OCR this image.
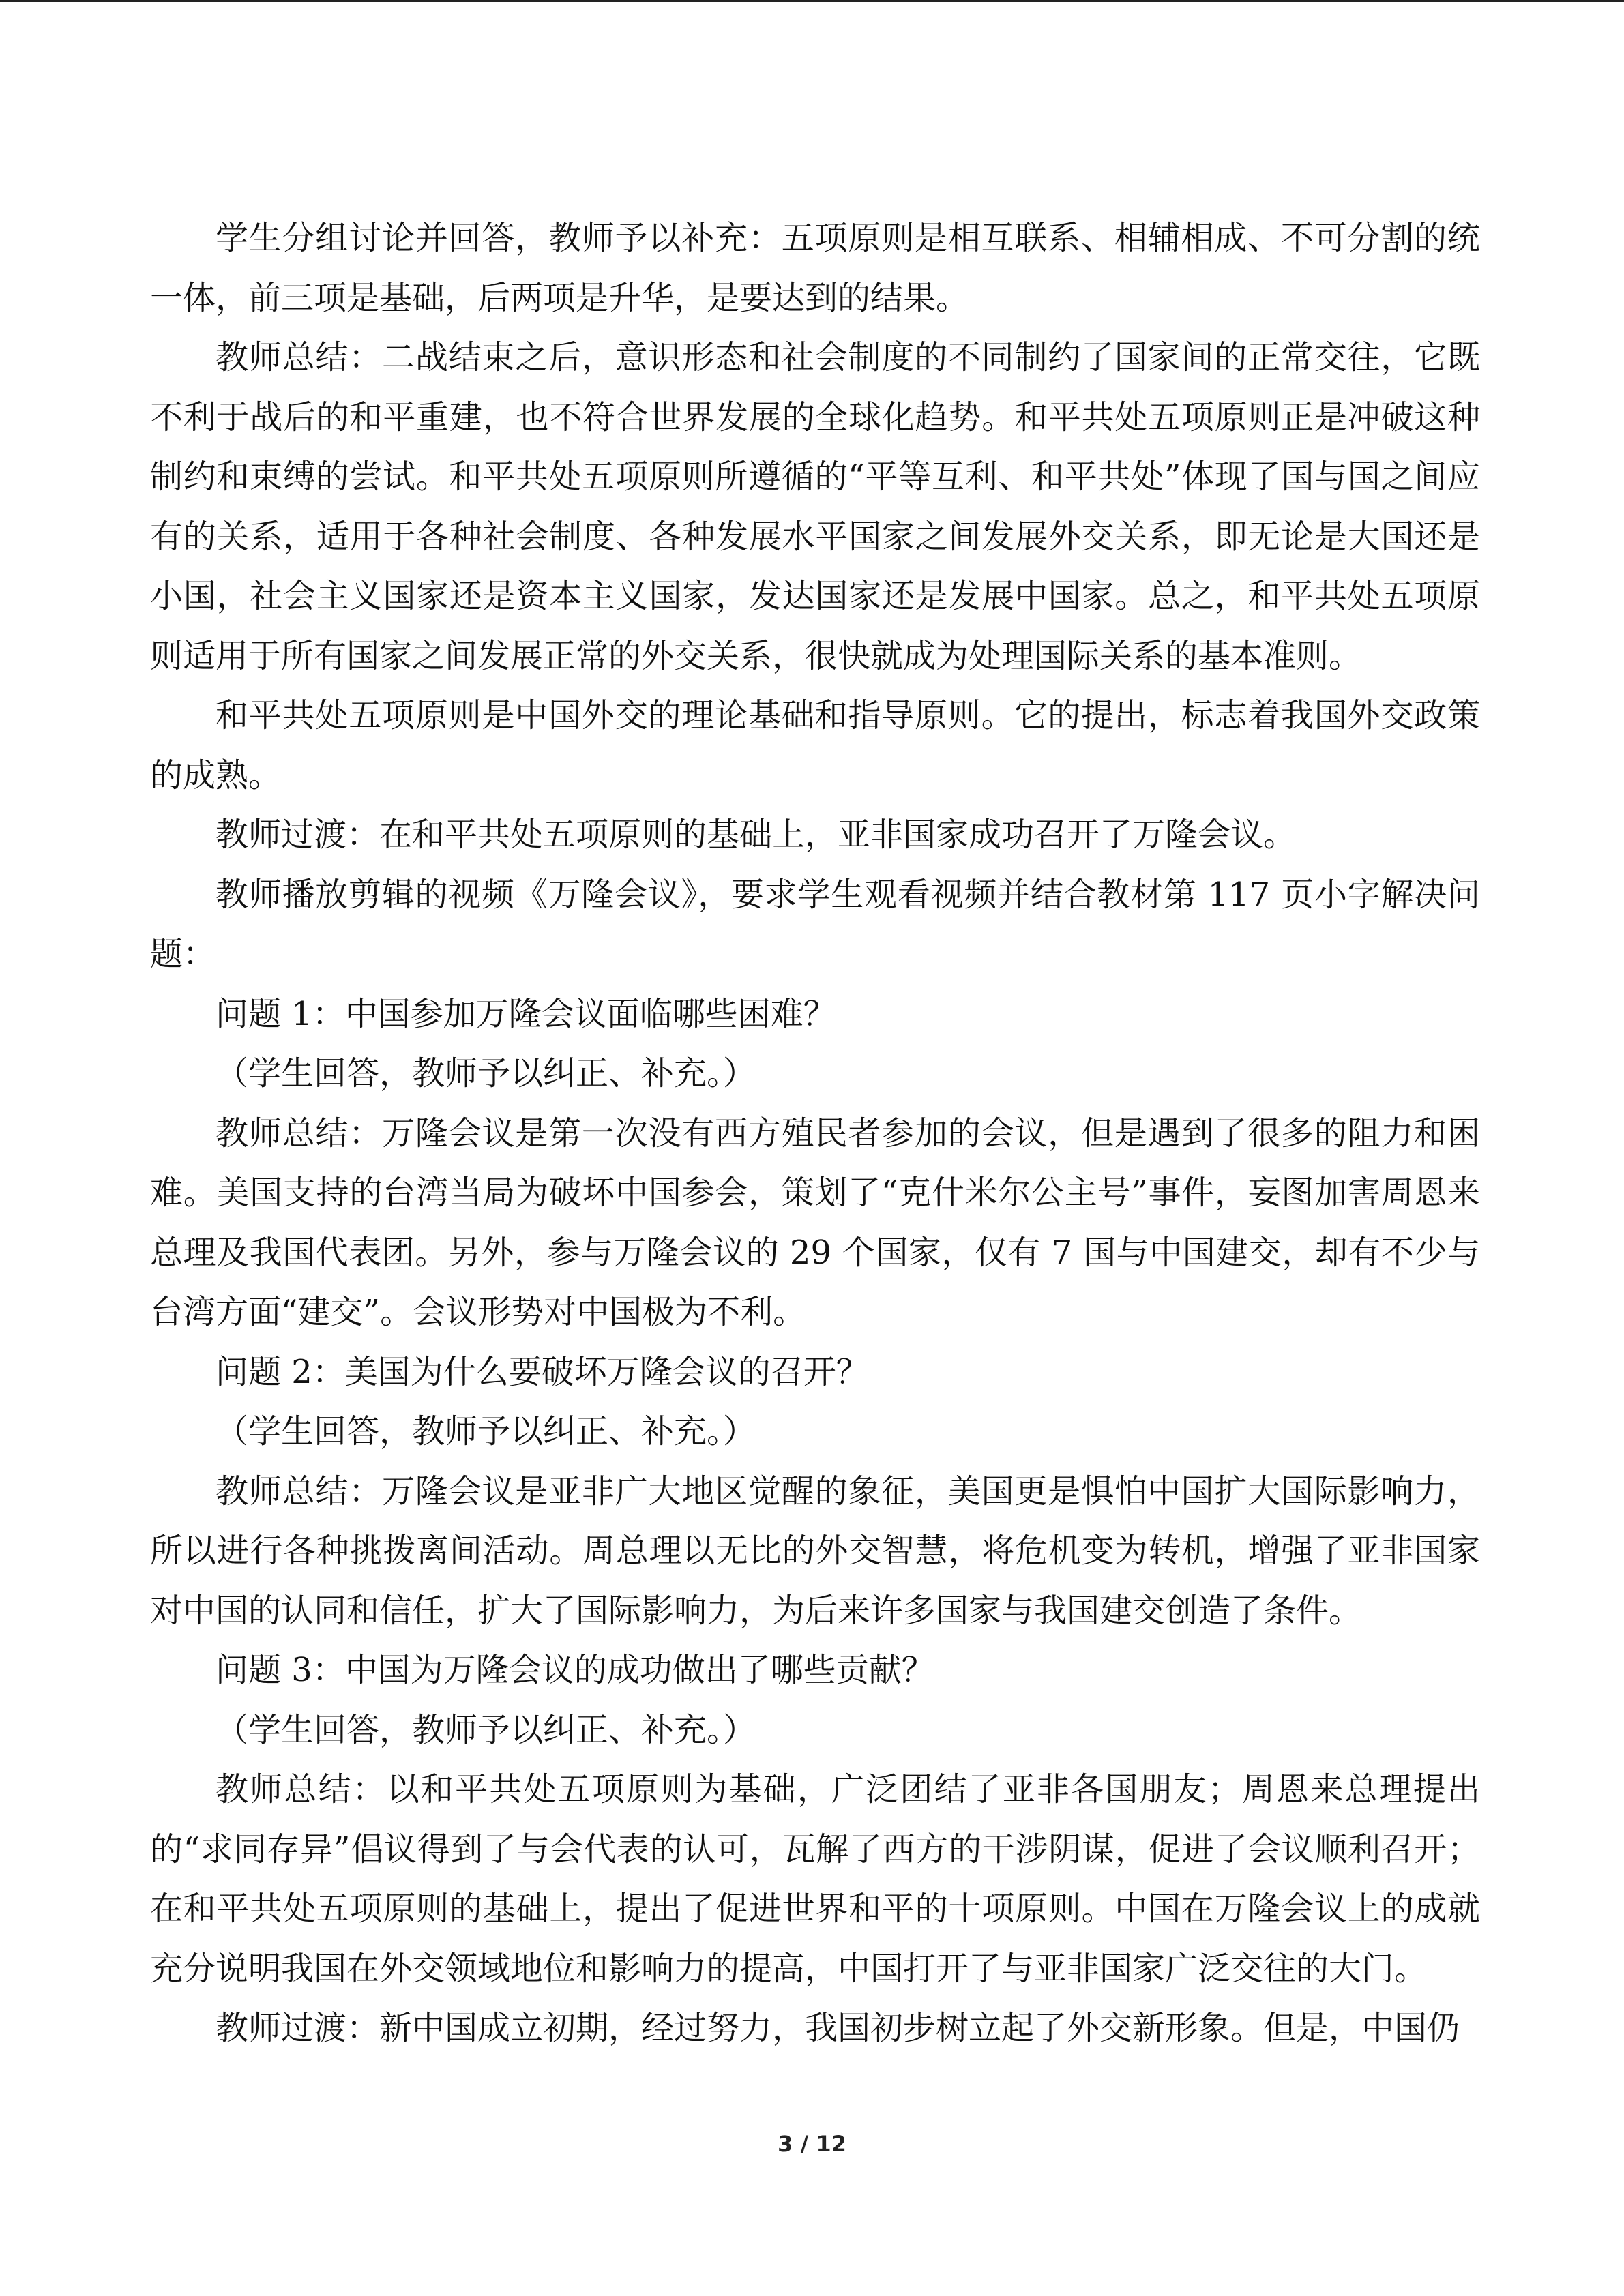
学生分组讨论并回答，教师予以补充：五项原则是相互联系、相辅相成、不可分割的统一体，前三项是基础，后两项是升华，是要达到的结果。

教师总结：二战结束之后，意识形态和社会制度的不同制约了国家间的正常交往，它既不利于战后的和平重建，也不符合世界发展的全球化趋势。和平共处五项原则正是冲破这种制约和束缚的尝试。和平共处五项原则所遵循的“平等互利、和平共处”体现了国与国之间应有的关系，适用于各种社会制度、各种发展水平国家之间发展外交关系，即无论是大国还是小国，社会主义国家还是资本主义国家，发达国家还是发展中国家。总之，和平共处五项原则适用于所有国家之间发展正常的外交关系，很快就成为处理国际关系的基本准则。

和平共处五项原则是中国外交的理论基础和指导原则。它的提出，标志着我国外交政策的成熟。

教师过渡：在和平共处五项原则的基础上，亚非国家成功召开了万隆会议。

教师播放剪辑的视频《万隆会议》，要求学生观看视频并结合教材第 117 页小字解决问题：

问题 1：中国参加万隆会议面临哪些困难？

（学生回答，教师予以纠正、补充。）

教师总结：万隆会议是第一次没有西方殖民者参加的会议，但是遇到了很多的阻力和困难。美国支持的台湾当局为破坏中国参会，策划了“克什米尔公主号”事件，妄图加害周恩来总理及我国代表团。另外，参与万隆会议的 29 个国家，仅有 7 国与中国建交，却有不少与台湾方面“建交”。会议形势对中国极为不利。

问题 2：美国为什么要破坏万隆会议的召开？

（学生回答，教师予以纠正、补充。）

教师总结：万隆会议是亚非广大地区觉醒的象征，美国更是惧怕中国扩大国际影响力，所以进行各种挑拨离间活动。周总理以无比的外交智慧，将危机变为转机，增强了亚非国家对中国的认同和信任，扩大了国际影响力，为后来许多国家与我国建交创造了条件。

问题 3：中国为万隆会议的成功做出了哪些贡献？

（学生回答，教师予以纠正、补充。）

教师总结：以和平共处五项原则为基础，广泛团结了亚非各国朋友；周恩来总理提出的“求同存异”倡议得到了与会代表的认可，瓦解了西方的干涉阴谋，促进了会议顺利召开；在和平共处五项原则的基础上，提出了促进世界和平的十项原则。中国在万隆会议上的成就充分说明我国在外交领域地位和影响力的提高，中国打开了与亚非国家广泛交往的大门。

教师过渡：新中国成立初期，经过努力，我国初步树立起了外交新形象。但是，中国仍

3 / 12
